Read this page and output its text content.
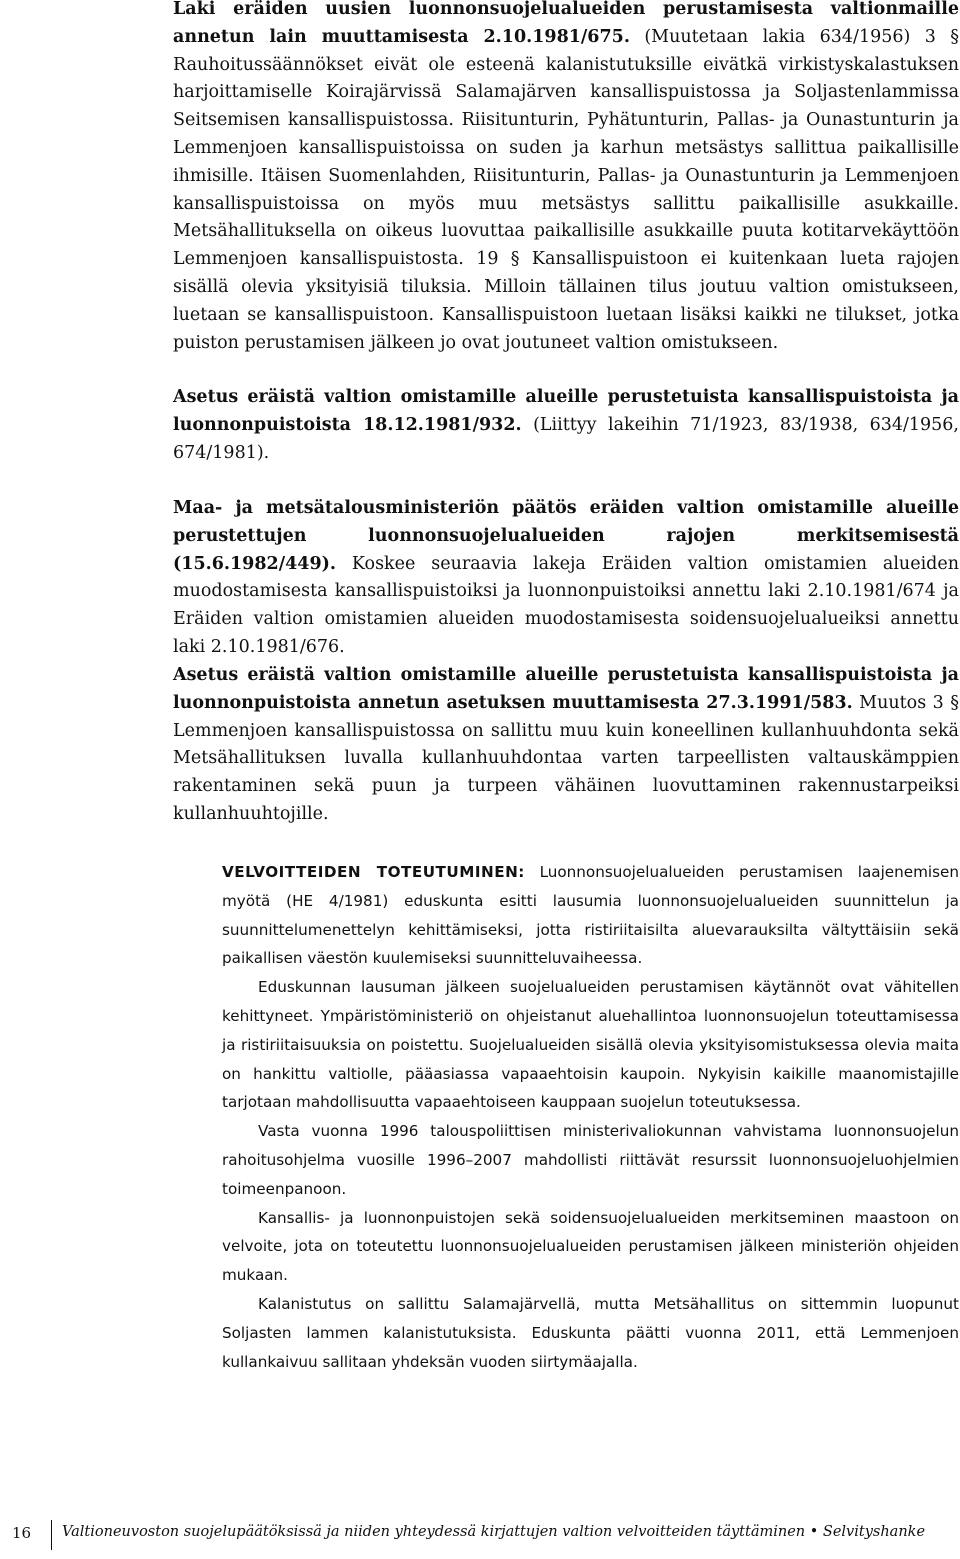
Laki eräiden uusien luonnonsuojelualueiden perustamisesta valtionmaille annetun lain muuttamisesta 2.10.1981/675. (Muutetaan lakia 634/1956) 3 § Rauhoitussäännökset eivät ole esteenä kalanistutuksille eivätkä virkistyskalastuksen harjoittamiselle Koirajärvissä Salamajärven kansallispuistossa ja Soljastenlammissa Seitsemisen kansallispuistossa. Riisitunturin, Pyhätunturin, Pallas- ja Ounastunturin ja Lemmenjoen kansallispuistoissa on suden ja karhun metsästys sallittua paikallisille ihmisille. Itäisen Suomenlahden, Riisitunturin, Pallas- ja Ounastunturin ja Lemmenjoen kansallispuistoissa on myös muu metsästys sallittu paikallisille asukkaille. Metsähallituksella on oikeus luovuttaa paikallisille asukkaille puuta kotitarvekäyttöön Lemmenjoen kansallispuistosta. 19 § Kansallispuistoon ei kuitenkaan lueta rajojen sisällä olevia yksityisiä tiluksia. Milloin tällainen tilus joutuu valtion omistukseen, luetaan se kansallispuistoon. Kansallispuistoon luetaan lisäksi kaikki ne tilukset, jotka puiston perustamisen jälkeen jo ovat joutuneet valtion omistukseen.

Asetus eräistä valtion omistamille alueille perustetuista kansallispuistoista ja luonnonpuistoista 18.12.1981/932. (Liittyy lakeihin 71/1923, 83/1938, 634/1956, 674/1981).

Maa- ja metsätalousministeriön päätös eräiden valtion omistamille alueille perustettujen luonnonsuojelualueiden rajojen merkitsemisestä (15.6.1982/449). Koskee seuraavia lakeja Eräiden valtion omistamien alueiden muodostamisesta kansallispuistoiksi ja luonnonpuistoiksi annettu laki 2.10.1981/674 ja Eräiden valtion omistamien alueiden muodostamisesta soidensuojelualueiksi annettu laki 2.10.1981/676.

Asetus eräistä valtion omistamille alueille perustetuista kansallispuistoista ja luonnonpuistoista annetun asetuksen muuttamisesta 27.3.1991/583. Muutos 3 § Lemmenjoen kansallispuistossa on sallittu muu kuin koneellinen kullanhuuhdonta sekä Metsähallituksen luvalla kullanhuuhdontaa varten tarpeellisten valtauskämppien rakentaminen sekä puun ja turpeen vähäinen luovuttaminen rakennustarpeiksi kullanhuuhtojille.

VELVOITTEIDEN TOTEUTUMINEN: Luonnonsuojelualueiden perustamisen laajenemisen myötä (HE 4/1981) eduskunta esitti lausumia luonnonsuojelualueiden suunnittelun ja suunnittelumenettelyn kehittämiseksi, jotta ristiriitaisilta aluevarauksilta vältyttäisiin sekä paikallisen väestön kuulemiseksi suunnitteluvaiheessa.

Eduskunnan lausuman jälkeen suojelualueiden perustamisen käytännöt ovat vähitellen kehittyneet. Ympäristöministeriö on ohjeistanut aluehallintoa luonnonsuojelun toteuttamisessa ja ristiriitaisuuksia on poistettu. Suojelualueiden sisällä olevia yksityisomistuksessa olevia maita on hankittu valtiolle, pääasiassa vapaaehtoisin kaupoin. Nykyisin kaikille maanomistajille tarjotaan mahdollisuutta vapaaehtoiseen kauppaan suojelun toteutuksessa.

Vasta vuonna 1996 talouspoliittisen ministerivaliokunnan vahvistama luonnonsuojelun rahoitusohjelma vuosille 1996–2007 mahdollisti riittävät resurssit luonnonsuojeluohjelmien toimeenpanoon.

Kansallis- ja luonnonpuistojen sekä soidensuojelualueiden merkitseminen maastoon on velvoite, jota on toteutettu luonnonsuojelualueiden perustamisen jälkeen ministeriön ohjeiden mukaan.

Kalanistutus on sallittu Salamajärvellä, mutta Metsähallitus on sittemmin luopunut Soljasten lammen kalanistutuksista. Eduskunta päätti vuonna 2011, että Lemmenjoen kullankaivuu sallitaan yhdeksän vuoden siirtymäajalla.

16 Valtioneuvoston suojelupäätöksissä ja niiden yhteydessä kirjattujen valtion velvoitteiden täyttäminen • Selvityshanke
